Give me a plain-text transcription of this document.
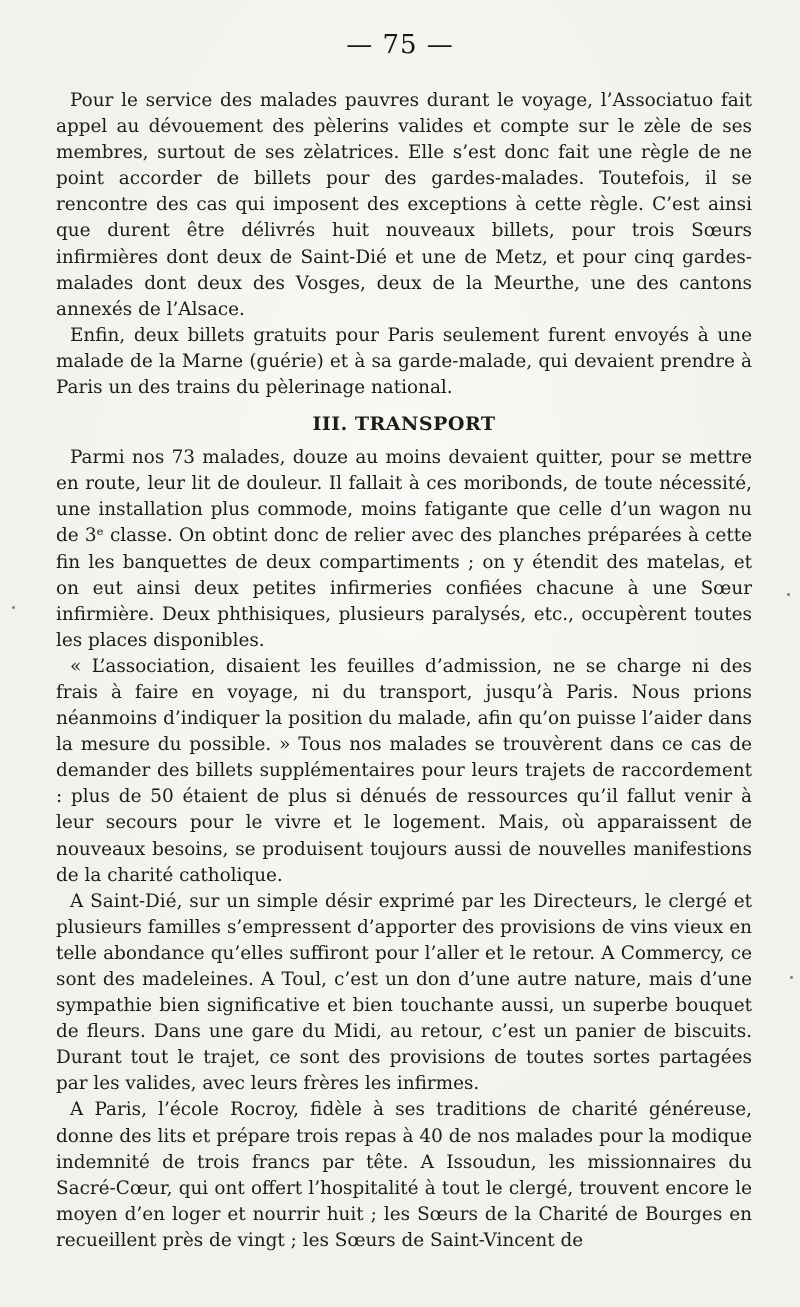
— 75 —

Pour le service des malades pauvres durant le voyage, l’Associatuo fait appel au dévouement des pèlerins valides et compte sur le zèle de ses membres, surtout de ses zèlatrices. Elle s’est donc fait une règle de ne point accorder de billets pour des gardes-malades. Toutefois, il se rencontre des cas qui imposent des exceptions à cette règle. C’est ainsi que durent être délivrés huit nouveaux billets, pour trois Sœurs infirmières dont deux de Saint-Dié et une de Metz, et pour cinq gardes-malades dont deux des Vosges, deux de la Meurthe, une des cantons annexés de l’Alsace.

Enfin, deux billets gratuits pour Paris seulement furent envoyés à une malade de la Marne (guérie) et à sa garde-malade, qui devaient prendre à Paris un des trains du pèlerinage national.

III. TRANSPORT

Parmi nos 73 malades, douze au moins devaient quitter, pour se mettre en route, leur lit de douleur. Il fallait à ces moribonds, de toute nécessité, une installation plus commode, moins fatigante que celle d’un wagon nu de 3ᵉ classe. On obtint donc de relier avec des planches préparées à cette fin les banquettes de deux compartiments ; on y étendit des matelas, et on eut ainsi deux petites infirmeries confiées chacune à une Sœur infirmière. Deux phthisiques, plusieurs paralysés, etc., occupèrent toutes les places disponibles.

« L’association, disaient les feuilles d’admission, ne se charge ni des frais à faire en voyage, ni du transport, jusqu’à Paris. Nous prions néanmoins d’indiquer la position du malade, afin qu’on puisse l’aider dans la mesure du possible. » Tous nos malades se trouvèrent dans ce cas de demander des billets supplémentaires pour leurs trajets de raccordement : plus de 50 étaient de plus si dénués de ressources qu’il fallut venir à leur secours pour le vivre et le logement. Mais, où apparaissent de nouveaux besoins, se produisent toujours aussi de nouvelles manifestions de la charité catholique.

A Saint-Dié, sur un simple désir exprimé par les Directeurs, le clergé et plusieurs familles s’empressent d’apporter des provisions de vins vieux en telle abondance qu’elles suffiront pour l’aller et le retour. A Commercy, ce sont des madeleines. A Toul, c’est un don d’une autre nature, mais d’une sympathie bien significative et bien touchante aussi, un superbe bouquet de fleurs. Dans une gare du Midi, au retour, c’est un panier de biscuits. Durant tout le trajet, ce sont des provisions de toutes sortes partagées par les valides, avec leurs frères les infirmes.

A Paris, l’école Rocroy, fidèle à ses traditions de charité généreuse, donne des lits et prépare trois repas à 40 de nos malades pour la modique indemnité de trois francs par tête. A Issoudun, les missionnaires du Sacré-Cœur, qui ont offert l’hospitalité à tout le clergé, trouvent encore le moyen d’en loger et nourrir huit ; les Sœurs de la Charité de Bourges en recueillent près de vingt ; les Sœurs de Saint-Vincent de
